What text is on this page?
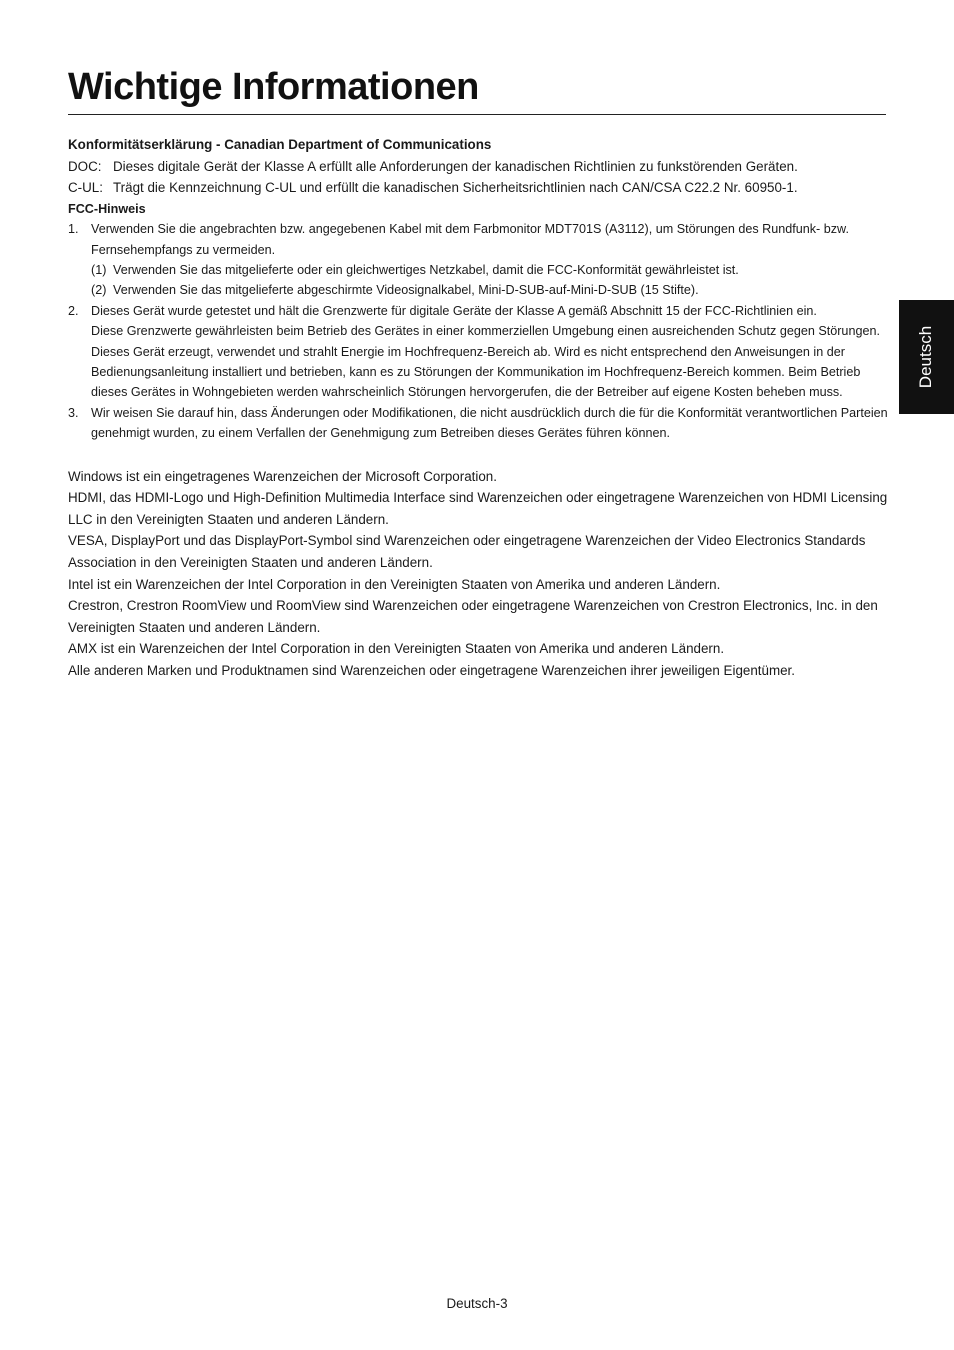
Wichtige Informationen
Konformitätserklärung - Canadian Department of Communications
DOC: Dieses digitale Gerät der Klasse A erfüllt alle Anforderungen der kanadischen Richtlinien zu funkstörenden Geräten.
C-UL: Trägt die Kennzeichnung C-UL und erfüllt die kanadischen Sicherheitsrichtlinien nach CAN/CSA C22.2 Nr. 60950-1.
FCC-Hinweis
1. Verwenden Sie die angebrachten bzw. angegebenen Kabel mit dem Farbmonitor MDT701S (A3112), um Störungen des Rundfunk- bzw. Fernsehempfangs zu vermeiden.
(1) Verwenden Sie das mitgelieferte oder ein gleichwertiges Netzkabel, damit die FCC-Konformität gewährleistet ist.
(2) Verwenden Sie das mitgelieferte abgeschirmte Videosignalkabel, Mini-D-SUB-auf-Mini-D-SUB (15 Stifte).
2. Dieses Gerät wurde getestet und hält die Grenzwerte für digitale Geräte der Klasse A gemäß Abschnitt 15 der FCC-Richtlinien ein.
Diese Grenzwerte gewährleisten beim Betrieb des Gerätes in einer kommerziellen Umgebung einen ausreichenden Schutz gegen Störungen. Dieses Gerät erzeugt, verwendet und strahlt Energie im Hochfrequenz-Bereich ab. Wird es nicht entsprechend den Anweisungen in der Bedienungsanleitung installiert und betrieben, kann es zu Störungen der Kommunikation im Hochfrequenz-Bereich kommen. Beim Betrieb dieses Gerätes in Wohngebieten werden wahrscheinlich Störungen hervorgerufen, die der Betreiber auf eigene Kosten beheben muss.
3. Wir weisen Sie darauf hin, dass Änderungen oder Modifikationen, die nicht ausdrücklich durch die für die Konformität verantwortlichen Parteien genehmigt wurden, zu einem Verfallen der Genehmigung zum Betreiben dieses Gerätes führen können.
Windows ist ein eingetragenes Warenzeichen der Microsoft Corporation.
HDMI, das HDMI-Logo und High-Definition Multimedia Interface sind Warenzeichen oder eingetragene Warenzeichen von HDMI Licensing LLC in den Vereinigten Staaten und anderen Ländern.
VESA, DisplayPort und das DisplayPort-Symbol sind Warenzeichen oder eingetragene Warenzeichen der Video Electronics Standards Association in den Vereinigten Staaten und anderen Ländern.
Intel ist ein Warenzeichen der Intel Corporation in den Vereinigten Staaten von Amerika und anderen Ländern.
Crestron, Crestron RoomView und RoomView sind Warenzeichen oder eingetragene Warenzeichen von Crestron Electronics, Inc. in den Vereinigten Staaten und anderen Ländern.
AMX ist ein Warenzeichen der Intel Corporation in den Vereinigten Staaten von Amerika und anderen Ländern.
Alle anderen Marken und Produktnamen sind Warenzeichen oder eingetragene Warenzeichen ihrer jeweiligen Eigentümer.
Deutsch
Deutsch-3
